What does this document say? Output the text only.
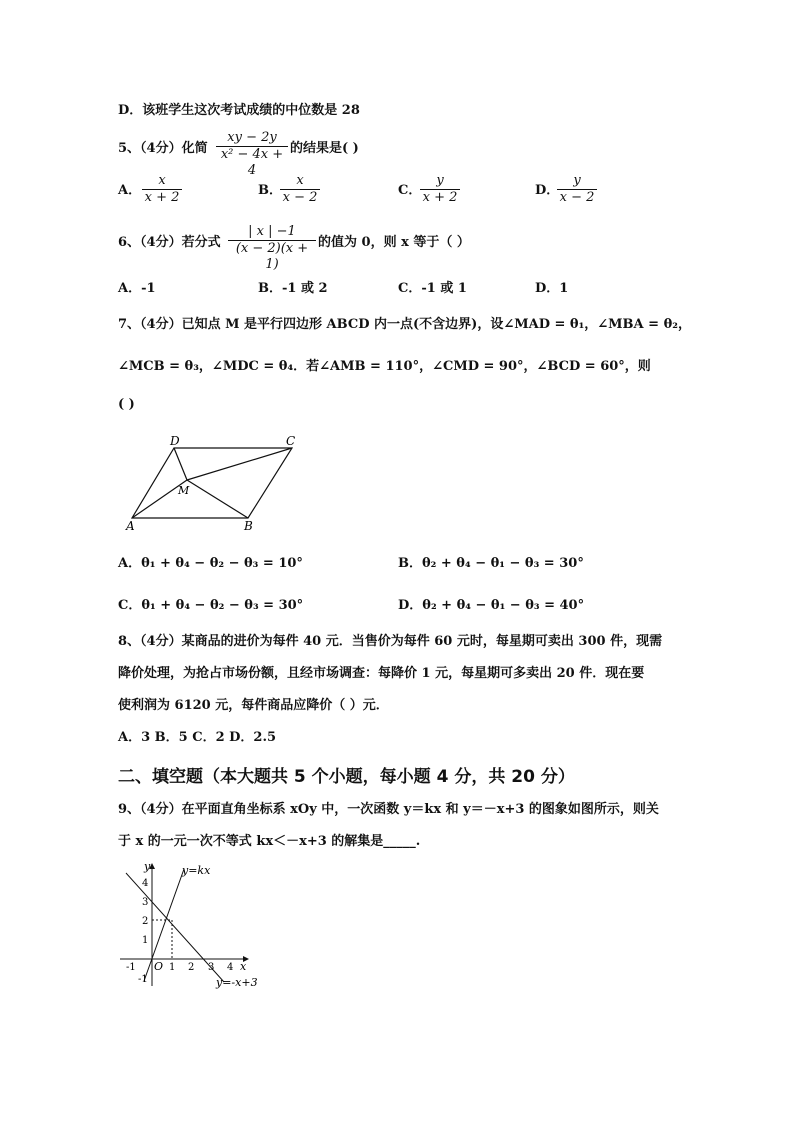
D．该班学生这次考试成绩的中位数是 28
5、（4分）化简
xy − 2y
x² − 4x + 4
的结果是( )
A．
x
x + 2	B．
x
x − 2	C．
y
x + 2	D．
y
x − 2
6、（4分）若分式
| x | −1
(x − 2)(x + 1)
的值为 0，则 x 等于（ ）
A．-1	B．-1 或 2	C．-1 或 1	D．1
7、（4分）已知点 M 是平行四边形 ABCD 内一点(不含边界)，设∠MAD = θ₁，∠MBA = θ₂，
∠MCB = θ₃，∠MDC = θ₄．若∠AMB = 110°，∠CMD = 90°，∠BCD = 60°，则
( )
A	B
C
D
M
A．θ₁ + θ₄ − θ₂ − θ₃ = 10°	B．θ₂ + θ₄ − θ₁ − θ₃ = 30°
C．θ₁ + θ₄ − θ₂ − θ₃ = 30°	D．θ₂ + θ₄ − θ₁ − θ₃ = 40°
8、（4分）某商品的进价为每件 40 元．当售价为每件 60 元时，每星期可卖出 300 件，现需
降价处理，为抢占市场份额，且经市场调查：每降价 1 元，每星期可多卖出 20 件．现在要
使利润为 6120 元，每件商品应降价（ ）元．
A．3 B．5 C．2 D．2.5
二、填空题（本大题共 5 个小题，每小题 4 分，共 20 分）
9、（4分）在平面直角坐标系 xOy 中，一次函数 y＝kx 和 y＝－x+3 的图象如图所示，则关
于 x 的一元一次不等式 kx＜－x+3 的解集是_____.
y
x
O
y=kx
y=-x+3
-1	1 2 3 4
4
3
2
1
-1
